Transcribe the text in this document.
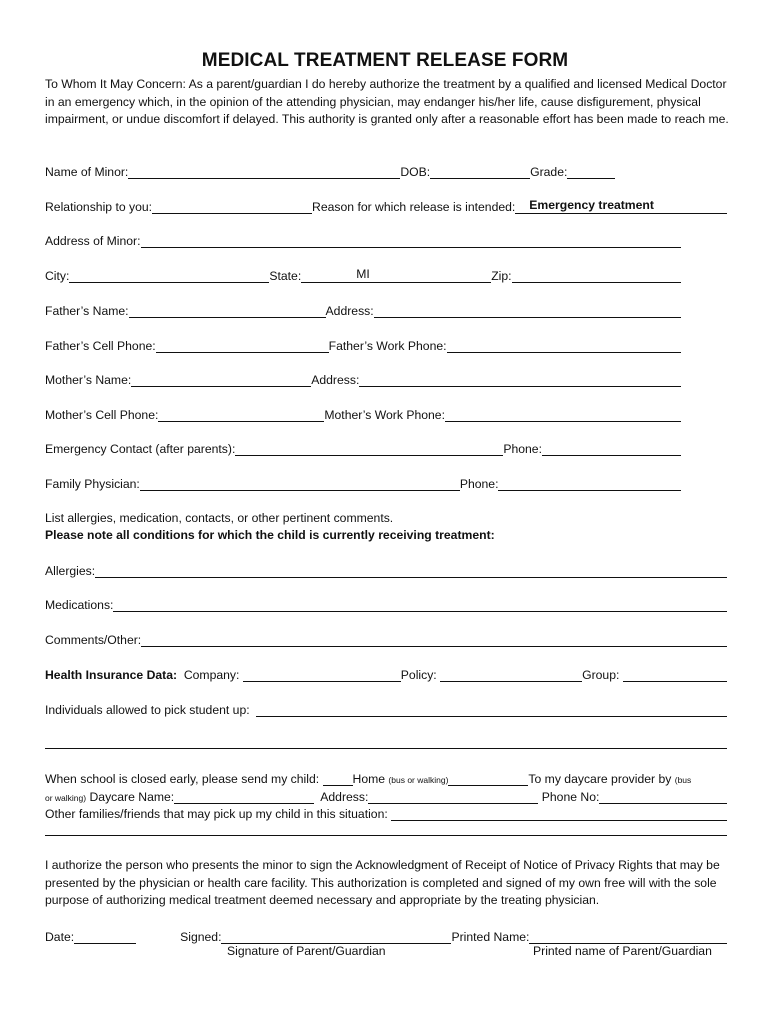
MEDICAL TREATMENT RELEASE FORM
To Whom It May Concern: As a parent/guardian I do hereby authorize the treatment by a qualified and licensed Medical Doctor in an emergency which, in the opinion of the attending physician, may endanger his/her life, cause disfigurement, physical impairment, or undue discomfort if delayed. This authority is granted only after a reasonable effort has been made to reach me.
Name of Minor:	DOB:	Grade:
Relationship to you:	Reason for which release is intended: Emergency treatment
Address of Minor:
City:	State:	MI	Zip:
Father’s Name:	Address:
Father’s Cell Phone:	Father’s Work Phone:
Mother’s Name:	Address:
Mother’s Cell Phone:	Mother’s Work Phone:
Emergency Contact (after parents):	Phone:
Family Physician:	Phone:
List allergies, medication, contacts, or other pertinent comments.
Please note all conditions for which the child is currently receiving treatment:
Allergies:
Medications:
Comments/Other:
Health Insurance Data: Company:	Policy:	Group:
Individuals allowed to pick student up:
When school is closed early, please send my child: Home (bus or walking)	To my daycare provider by (bus
or walking) Daycare Name:	Address:	Phone No:
Other families/friends that may pick up my child in this situation:
I authorize the person who presents the minor to sign the Acknowledgment of Receipt of Notice of Privacy Rights that may be presented by the physician or health care facility. This authorization is completed and signed of my own free will with the sole purpose of authorizing medical treatment deemed necessary and appropriate by the treating physician.
Date:	Signed:	Printed Name:
Signature of Parent/Guardian	Printed name of Parent/Guardian
